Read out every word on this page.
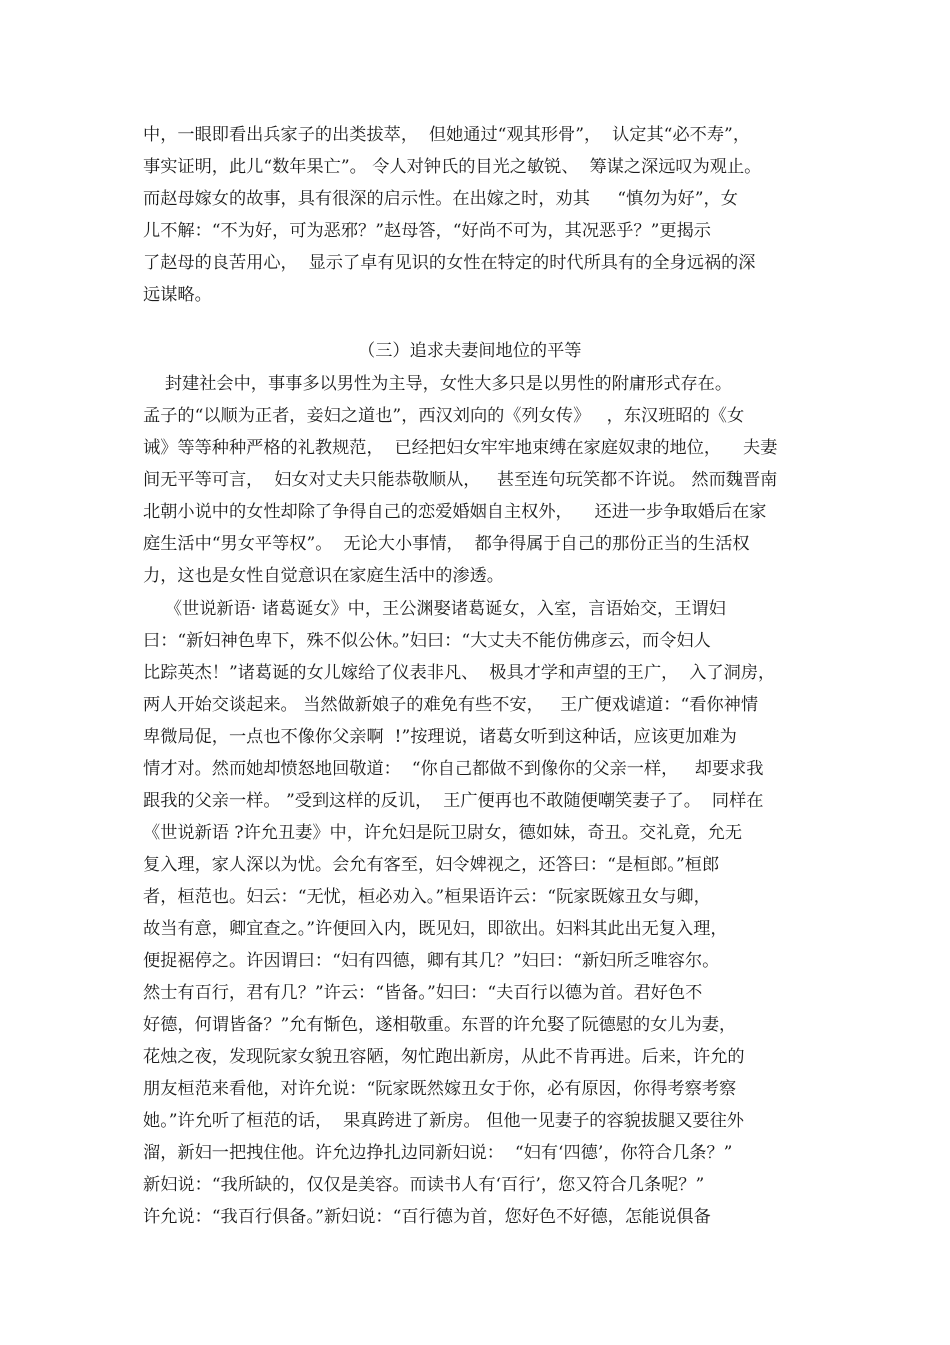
中，一眼即看出兵家子的出类拔萃，  但她通过“观其形骨”，  认定其“必不寿”，
事实证明，此儿“数年果亡”。 令人对钟氏的目光之敏锐、  筹谋之深远叹为观止。
而赵母嫁女的故事，具有很深的启示性。在出嫁之时，劝其     “慎勿为好”，女
儿不解：“不为好，可为恶邪？”赵母答，“好尚不可为，其况恶乎？”更揭示
了赵母的良苦用心，  显示了卓有见识的女性在特定的时代所具有的全身远祸的深
远谋略。
（三）追求夫妻间地位的平等
封建社会中，事事多以男性为主导，女性大多只是以男性的附庸形式存在。
孟子的“以顺为正者，妾妇之道也”，西汉刘向的《列女传》   ，东汉班昭的《女
诫》等等种种严格的礼教规范，  已经把妇女牢牢地束缚在家庭奴隶的地位，    夫妻
间无平等可言，  妇女对丈夫只能恭敬顺从，   甚至连句玩笑都不许说。 然而魏晋南
北朝小说中的女性却除了争得自己的恋爱婚姻自主权外，    还进一步争取婚后在家
庭生活中“男女平等权”。  无论大小事情，  都争得属于自己的那份正当的生活权
力，这也是女性自觉意识在家庭生活中的渗透。
《世说新语· 诸葛诞女》中，王公渊娶诸葛诞女，入室，言语始交，王谓妇
曰：“新妇神色卑下，殊不似公休。”妇曰：“大丈夫不能仿佛彦云，而令妇人
比踪英杰！”诸葛诞的女儿嫁给了仪表非凡、  极具才学和声望的王广，  入了洞房，
两人开始交谈起来。 当然做新娘子的难免有些不安，   王广便戏谑道：“看你神情
卑微局促，一点也不像你父亲啊  !”按理说，诸葛女听到这种话，应该更加难为
情才对。然而她却愤怒地回敬道：  “你自己都做不到像你的父亲一样，   却要求我
跟我的父亲一样。 ”受到这样的反讥，  王广便再也不敢随便嘲笑妻子了。  同样在
《世说新语 ?许允丑妻》中，许允妇是阮卫尉女，德如妹，奇丑。交礼竟，允无
复入理，家人深以为忧。会允有客至，妇令婢视之，还答曰：“是桓郎。”桓郎
者，桓范也。妇云：“无忧，桓必劝入。”桓果语许云：“阮家既嫁丑女与卿，
故当有意，卿宜查之。”许便回入内，既见妇，即欲出。妇料其此出无复入理，
便捉裾停之。许因谓曰：“妇有四德，卿有其几？”妇曰：“新妇所乏唯容尔。
然士有百行，君有几？”许云：“皆备。”妇曰：“夫百行以德为首。君好色不
好德，何谓皆备？”允有惭色，遂相敬重。东晋的许允娶了阮德慰的女儿为妻，
花烛之夜，发现阮家女貌丑容陋，匆忙跑出新房，从此不肯再进。后来，许允的
朋友桓范来看他，对许允说：“阮家既然嫁丑女于你，必有原因，你得考察考察
她。”许允听了桓范的话，  果真跨进了新房。 但他一见妻子的容貌拔腿又要往外
溜，新妇一把拽住他。许允边挣扎边同新妇说：  “妇有‘四德’，你符合几条？”
新妇说：“我所缺的，仅仅是美容。而读书人有‘百行’，您又符合几条呢？”
许允说：“我百行俱备。”新妇说：“百行德为首，您好色不好德，怎能说俱备
